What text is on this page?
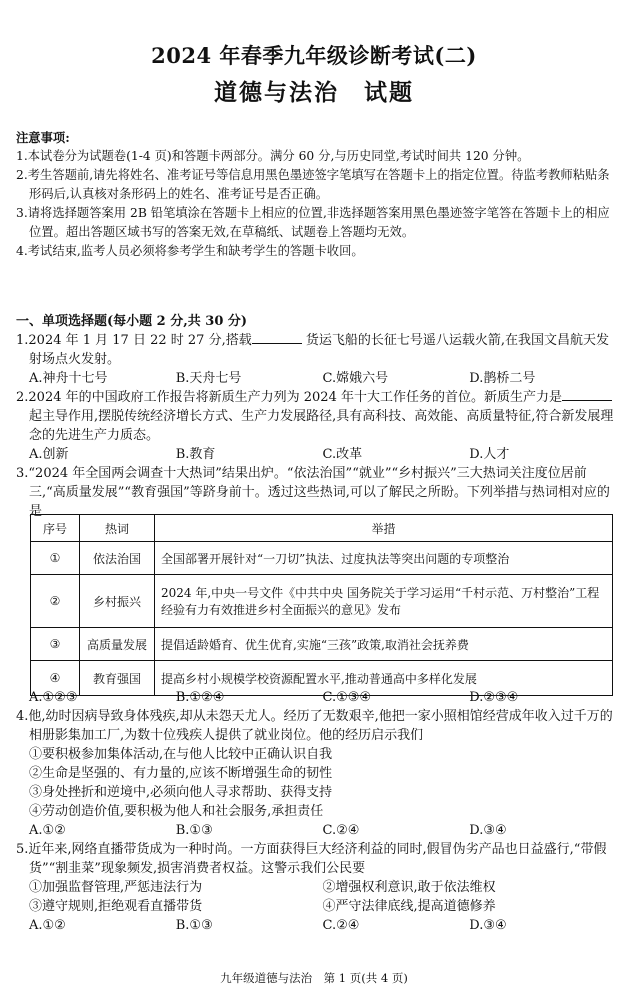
2024 年春季九年级诊断考试(二)
道德与法治　试题

注意事项:

1.本试卷分为试题卷(1-4 页)和答题卡两部分。满分 60 分,与历史同堂,考试时间共 120 分钟。

2.考生答题前,请先将姓名、准考证号等信息用黑色墨迹签字笔填写在答题卡上的指定位置。待监考教师粘贴条形码后,认真核对条形码上的姓名、准考证号是否正确。

3.请将选择题答案用 2B 铅笔填涂在答题卡上相应的位置,非选择题答案用黑色墨迹签字笔答在答题卡上的相应位置。超出答题区域书写的答案无效,在草稿纸、试题卷上答题均无效。

4.考试结束,监考人员必须将参考学生和缺考学生的答题卡收回。

一、单项选择题(每小题 2 分,共 30 分)

1.2024 年 1 月 17 日 22 时 27 分,搭载	货运飞船的长征七号遥八运载火箭,在我国文昌航天发射场点火发射。

A.神舟十七号	B.天舟七号	C.嫦娥六号	D.鹊桥二号

2.2024 年的中国政府工作报告将新质生产力列为 2024 年十大工作任务的首位。新质生产力是起主导作用,摆脱传统经济增长方式、生产力发展路径,具有高科技、高效能、高质量特征,符合新发展理念的先进生产力质态。

A.创新	B.教育	C.改革	D.人才

3.“2024 年全国两会调查十大热词”结果出炉。“依法治国”“就业”“乡村振兴”三大热词关注度位居前三,“高质量发展”“教育强国”等跻身前十。透过这些热词,可以了解民之所盼。下列举措与热词相对应的是

序号	热词	举措
①	依法治国	全国部署开展针对“一刀切”执法、过度执法等突出问题的专项整治
②	乡村振兴	2024 年,中央一号文件《中共中央 国务院关于学习运用“千村示范、万村整治”工程经验有力有效推进乡村全面振兴的意见》发布
③	高质量发展	提倡适龄婚育、优生优育,实施“三孩”政策,取消社会抚养费
④	教育强国	提高乡村小规模学校资源配置水平,推动普通高中多样化发展
A.①②③	B.①②④	C.①③④	D.②③④

4.他,幼时因病导致身体残疾,却从未怨天尤人。经历了无数艰辛,他把一家小照相馆经营成年收入过千万的相册影集加工厂,为数十位残疾人提供了就业岗位。他的经历启示我们

①要积极参加集体活动,在与他人比较中正确认识自我

②生命是坚强的、有力量的,应该不断增强生命的韧性

③身处挫折和逆境中,必须向他人寻求帮助、获得支持

④劳动创造价值,要积极为他人和社会服务,承担责任

A.①②	B.①③	C.②④	D.③④

5.近年来,网络直播带货成为一种时尚。一方面获得巨大经济利益的同时,假冒伪劣产品也日益盛行,“带假货”“割韭菜”现象频发,损害消费者权益。这警示我们公民要

①加强监督管理,严惩违法行为	②增强权利意识,敢于依法维权
③遵守规则,拒绝观看直播带货	④严守法律底线,提高道德修养
A.①②	B.①③	C.②④	D.③④
九年级道德与法治　第 1 页(共 4 页)
